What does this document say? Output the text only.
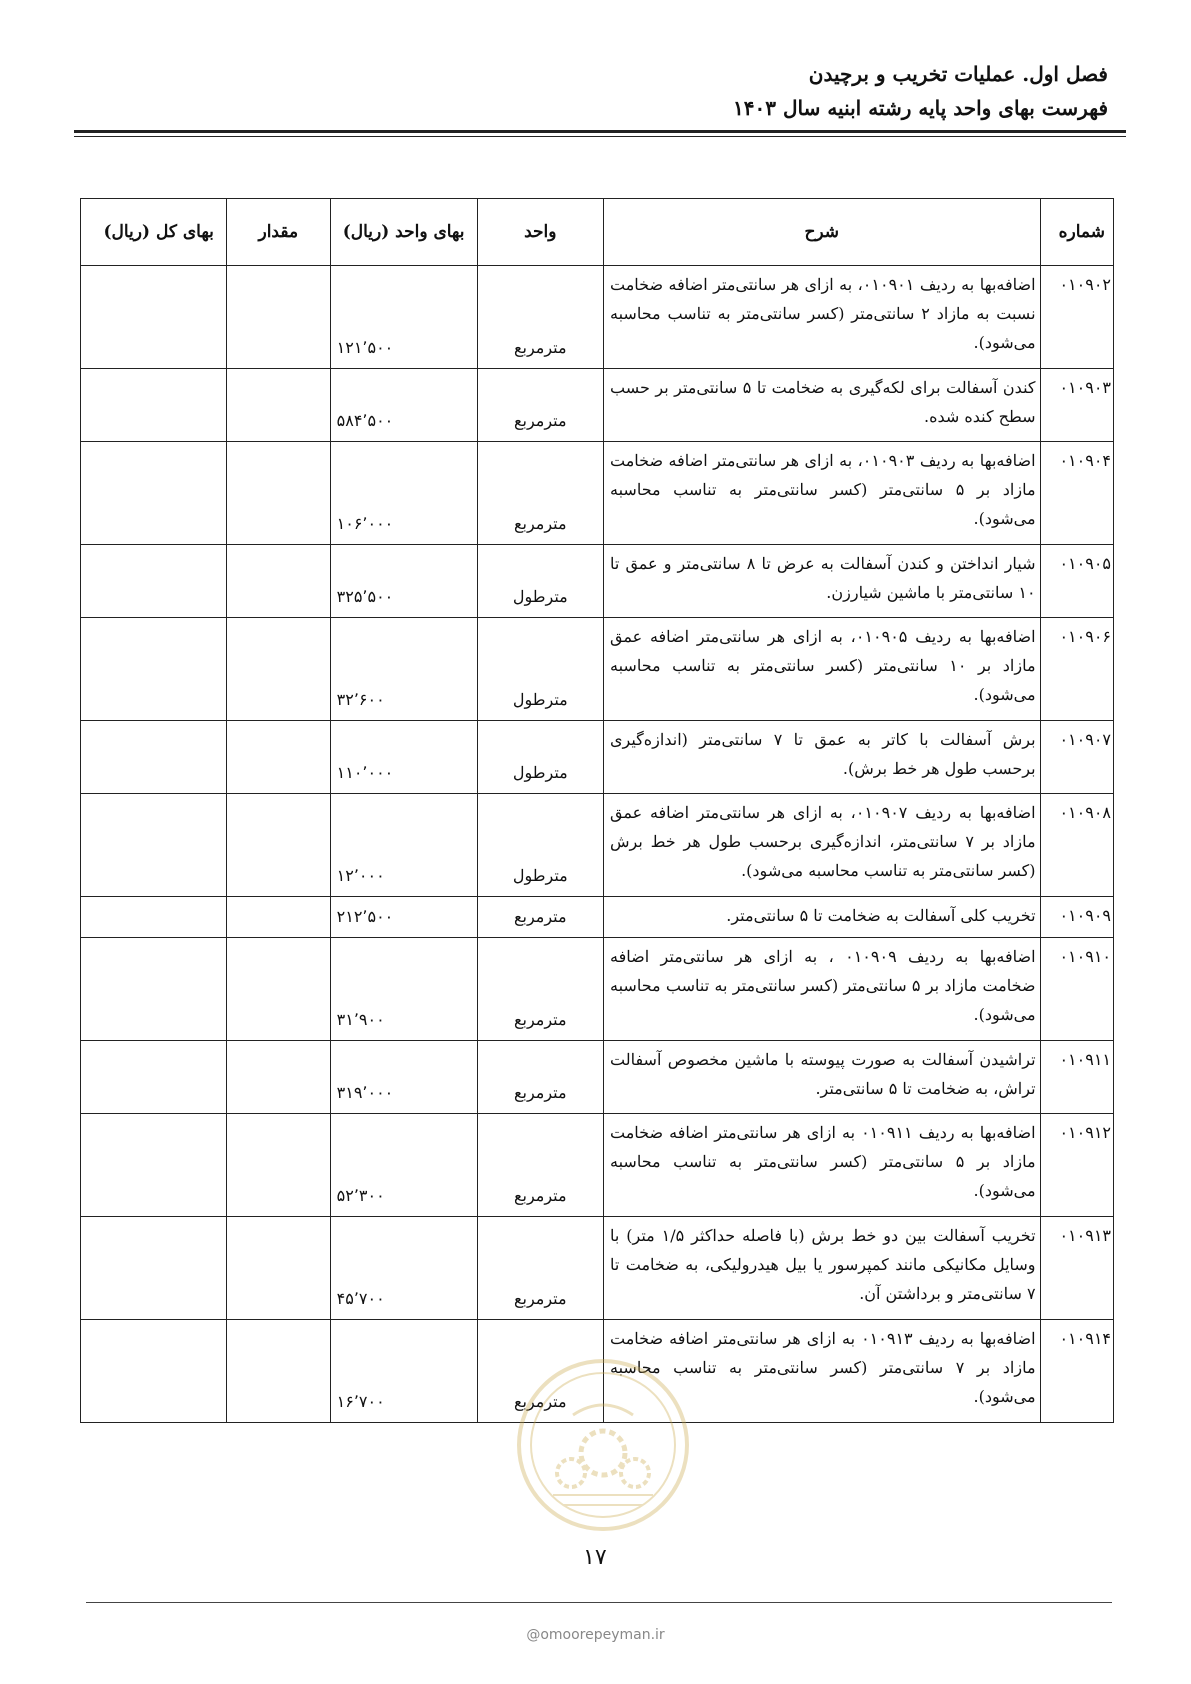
فصل اول. عملیات تخریب و برچیدن
فهرست بهای واحد پایه رشته ابنیه سال ۱۴۰۳
شماره	شرح	واحد	بهای واحد (ریال)	مقدار	بهای کل (ریال)
۰۱۰۹۰۲	اضافه‌بها به ردیف ۰۱۰۹۰۱، به ازای هر سانتی‌متر اضافه ضخامت نسبت به مازاد ۲ سانتی‌متر (کسر سانتی‌متر به تناسب محاسبه می‌شود).	مترمربع	۱۲۱٬۵۰۰		
۰۱۰۹۰۳	کندن آسفالت برای لکه‌گیری به ضخامت تا ۵ سانتی‌متر بر حسب سطح کنده شده.	مترمربع	۵۸۴٬۵۰۰		
۰۱۰۹۰۴	اضافه‌بها به ردیف ۰۱۰۹۰۳، به ازای هر سانتی‌متر اضافه ضخامت مازاد بر ۵ سانتی‌متر (کسر سانتی‌متر به تناسب محاسبه می‌شود).	مترمربع	۱۰۶٬۰۰۰		
۰۱۰۹۰۵	شیار انداختن و کندن آسفالت به عرض تا ۸ سانتی‌متر و عمق تا ۱۰ سانتی‌متر با ماشین شیارزن.	مترطول	۳۲۵٬۵۰۰		
۰۱۰۹۰۶	اضافه‌بها به ردیف ۰۱۰۹۰۵، به ازای هر سانتی‌متر اضافه عمق مازاد بر ۱۰ سانتی‌متر (کسر سانتی‌متر به تناسب محاسبه می‌شود).	مترطول	۳۲٬۶۰۰		
۰۱۰۹۰۷	برش آسفالت با کاتر به عمق تا ۷ سانتی‌متر (اندازه‌گیری برحسب طول هر خط برش).	مترطول	۱۱۰٬۰۰۰		
۰۱۰۹۰۸	اضافه‌بها به ردیف ۰۱۰۹۰۷، به ازای هر سانتی‌متر اضافه عمق مازاد بر ۷ سانتی‌متر، اندازه‌گیری برحسب طول هر خط برش (کسر سانتی‌متر به تناسب محاسبه می‌شود).	مترطول	۱۲٬۰۰۰		
۰۱۰۹۰۹	تخریب کلی آسفالت به ضخامت تا ۵ سانتی‌متر.	مترمربع	۲۱۲٬۵۰۰		
۰۱۰۹۱۰	اضافه‌بها به ردیف ۰۱۰۹۰۹ ، به ازای هر سانتی‌متر اضافه ضخامت مازاد بر ۵ سانتی‌متر (کسر سانتی‌متر به تناسب محاسبه می‌شود).	مترمربع	۳۱٬۹۰۰		
۰۱۰۹۱۱	تراشیدن آسفالت به صورت پیوسته با ماشین مخصوص آسفالت تراش، به ضخامت تا ۵ سانتی‌متر.	مترمربع	۳۱۹٬۰۰۰		
۰۱۰۹۱۲	اضافه‌بها به ردیف ۰۱۰۹۱۱ به ازای هر سانتی‌متر اضافه ضخامت مازاد بر ۵ سانتی‌متر (کسر سانتی‌متر به تناسب محاسبه می‌شود).	مترمربع	۵۲٬۳۰۰		
۰۱۰۹۱۳	تخریب آسفالت بین دو خط برش (با فاصله حداکثر ۱/۵ متر) با وسایل مکانیکی مانند کمپرسور یا بیل هیدرولیکی، به ضخامت تا ۷ سانتی‌متر و برداشتن آن.	مترمربع	۴۵٬۷۰۰		
۰۱۰۹۱۴	اضافه‌بها به ردیف ۰۱۰۹۱۳ به ازای هر سانتی‌متر اضافه ضخامت مازاد بر ۷ سانتی‌متر (کسر سانتی‌متر به تناسب محاسبه می‌شود).	مترمربع	۱۶٬۷۰۰		
۱۷
@omoorepeyman.ir
